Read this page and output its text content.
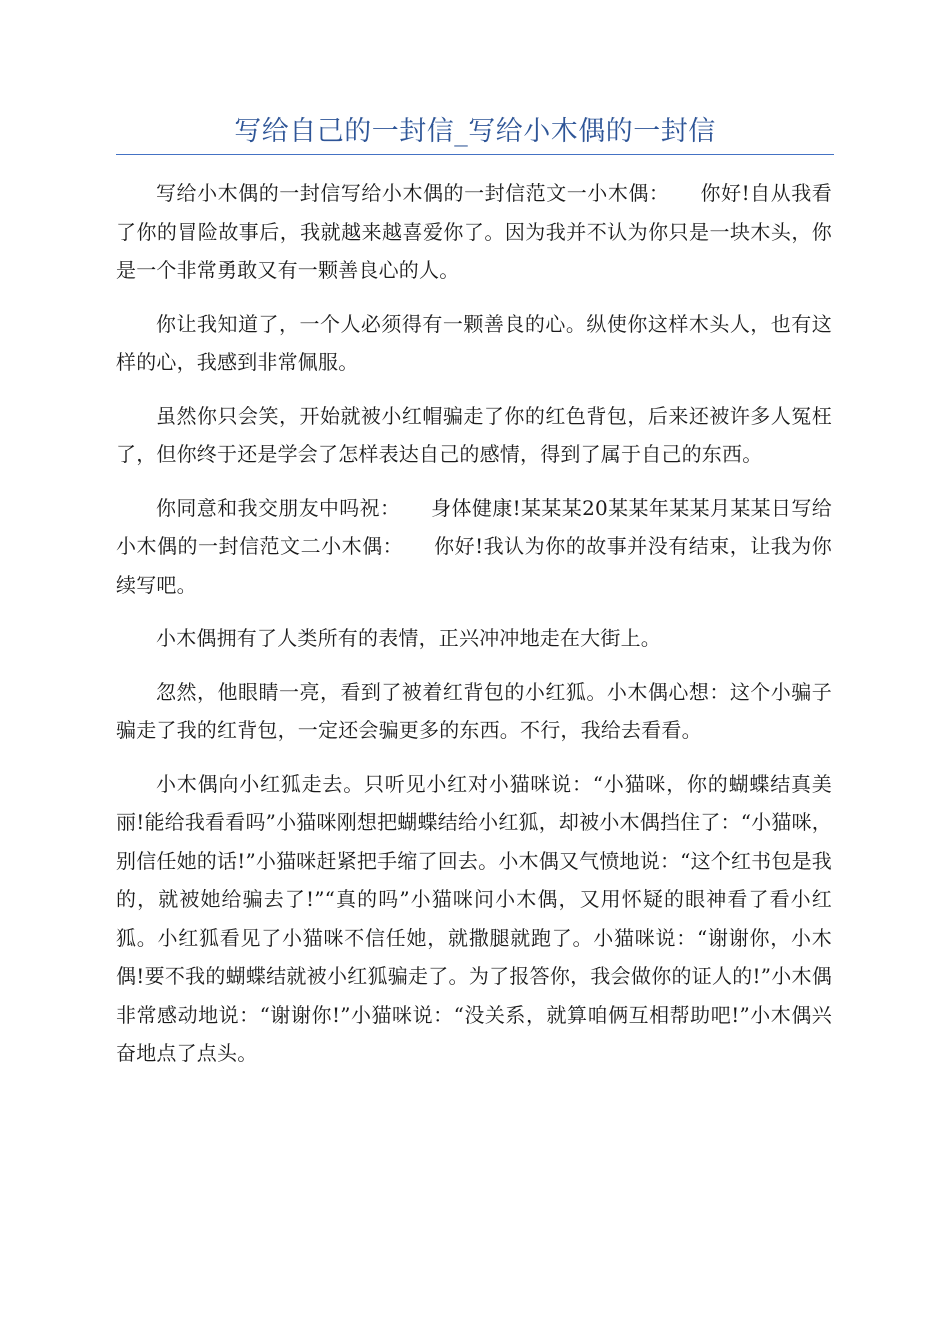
写给自己的一封信_写给小木偶的一封信

写给小木偶的一封信写给小木偶的一封信范文一小木偶：　　你好!自从我看了你的冒险故事后，我就越来越喜爱你了。因为我并不认为你只是一块木头，你是一个非常勇敢又有一颗善良心的人。

你让我知道了，一个人必须得有一颗善良的心。纵使你这样木头人，也有这样的心，我感到非常佩服。

虽然你只会笑，开始就被小红帽骗走了你的红色背包，后来还被许多人冤枉了，但你终于还是学会了怎样表达自己的感情，得到了属于自己的东西。

你同意和我交朋友中吗祝：　　身体健康!某某某20某某年某某月某某日写给小木偶的一封信范文二小木偶：　　你好!我认为你的故事并没有结束，让我为你续写吧。

小木偶拥有了人类所有的表情，正兴冲冲地走在大街上。

忽然，他眼睛一亮，看到了被着红背包的小红狐。小木偶心想：这个小骗子骗走了我的红背包，一定还会骗更多的东西。不行，我给去看看。

小木偶向小红狐走去。只听见小红对小猫咪说：“小猫咪，你的蝴蝶结真美丽!能给我看看吗”小猫咪刚想把蝴蝶结给小红狐，却被小木偶挡住了：“小猫咪，别信任她的话!”小猫咪赶紧把手缩了回去。小木偶又气愤地说：“这个红书包是我的，就被她给骗去了!”“真的吗”小猫咪问小木偶，又用怀疑的眼神看了看小红狐。小红狐看见了小猫咪不信任她，就撒腿就跑了。小猫咪说：“谢谢你，小木偶!要不我的蝴蝶结就被小红狐骗走了。为了报答你，我会做你的证人的!”小木偶非常感动地说：“谢谢你!”小猫咪说：“没关系，就算咱俩互相帮助吧!”小木偶兴奋地点了点头。
